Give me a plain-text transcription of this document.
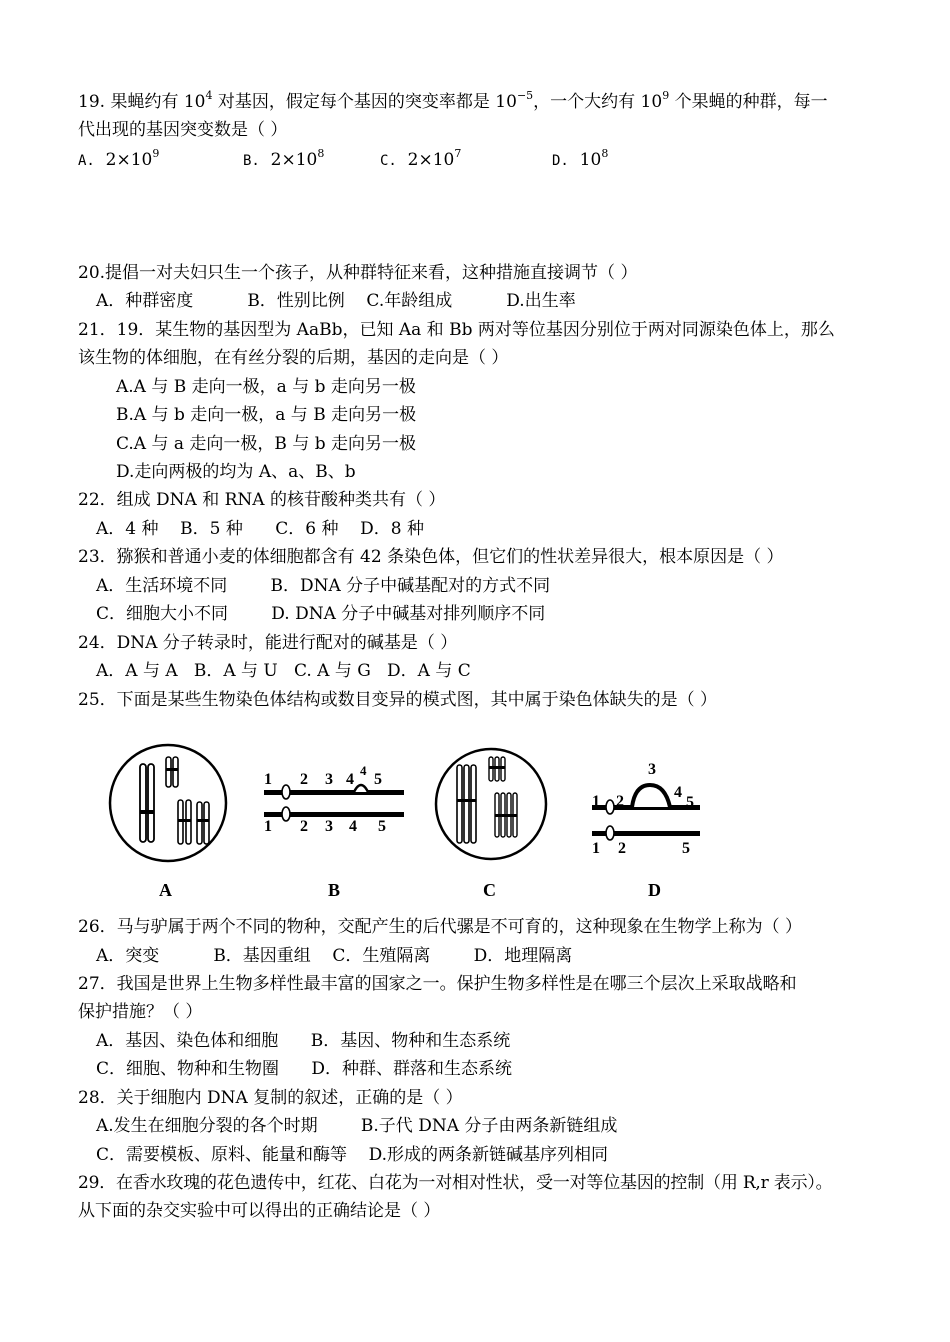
19. 果蝇约有 $10^4$ 对基因，假定每个基因的突变率都是 $10^{-5}$，一个大约有 $10^9$ 个果蝇的种群，每一
代出现的基因突变数是（ ）
A. $2\times 10^9$	B. $2\times 10^8$	C. $2\times 10^7$	D. $10^8$
20.提倡一对夫妇只生一个孩子，从种群特征来看，这种措施直接调节（ ）
A．种群密度          B．性别比例    C.年龄组成          D.出生率
21．19．某生物的基因型为 AaBb，已知 Aa 和 Bb 两对等位基因分别位于两对同源染色体上，那么
该生物的体细胞，在有丝分裂的后期，基因的走向是（ ）
A.A 与 B 走向一极，a 与 b 走向另一极
B.A 与 b 走向一极，a 与 B 走向另一极
C.A 与 a 走向一极，B 与 b 走向另一极
D.走向两极的均为 A、a、B、b
22．组成 DNA 和 RNA 的核苷酸种类共有（ ）
A．4 种    B．5 种      C．6 种    D．8 种
23．猕猴和普通小麦的体细胞都含有 42 条染色体，但它们的性状差异很大，根本原因是（ ）
A．生活环境不同        B．DNA 分子中碱基配对的方式不同
C．细胞大小不同        D. DNA 分子中碱基对排列顺序不同
24．DNA 分子转录时，能进行配对的碱基是（ ）
A．A 与 A   B．A 与 U   C. A 与 G   D．A 与 C
25．下面是某些生物染色体结构或数目变异的模式图，其中属于染色体缺失的是（ ）
A
1 2 3 4
4
5
1 2 3 4 5
B	C
1 2
3
4
5
1 2	5
D
26．马与驴属于两个不同的物种，交配产生的后代骡是不可育的，这种现象在生物学上称为（ ）
A．突变          B．基因重组    C．生殖隔离        D．地理隔离
27．我国是世界上生物多样性最丰富的国家之一。保护生物多样性是在哪三个层次上采取战略和
保护措施？（ ）
A．基因、染色体和细胞      B．基因、物种和生态系统
C．细胞、物种和生物圈      D．种群、群落和生态系统
28．关于细胞内 DNA 复制的叙述，正确的是（ ）
A.发生在细胞分裂的各个时期        B.子代 DNA 分子由两条新链组成
C．需要模板、原料、能量和酶等    D.形成的两条新链碱基序列相同
29．在香水玫瑰的花色遗传中，红花、白花为一对相对性状，受一对等位基因的控制（用 R,r 表示）。
从下面的杂交实验中可以得出的正确结论是（ ）
